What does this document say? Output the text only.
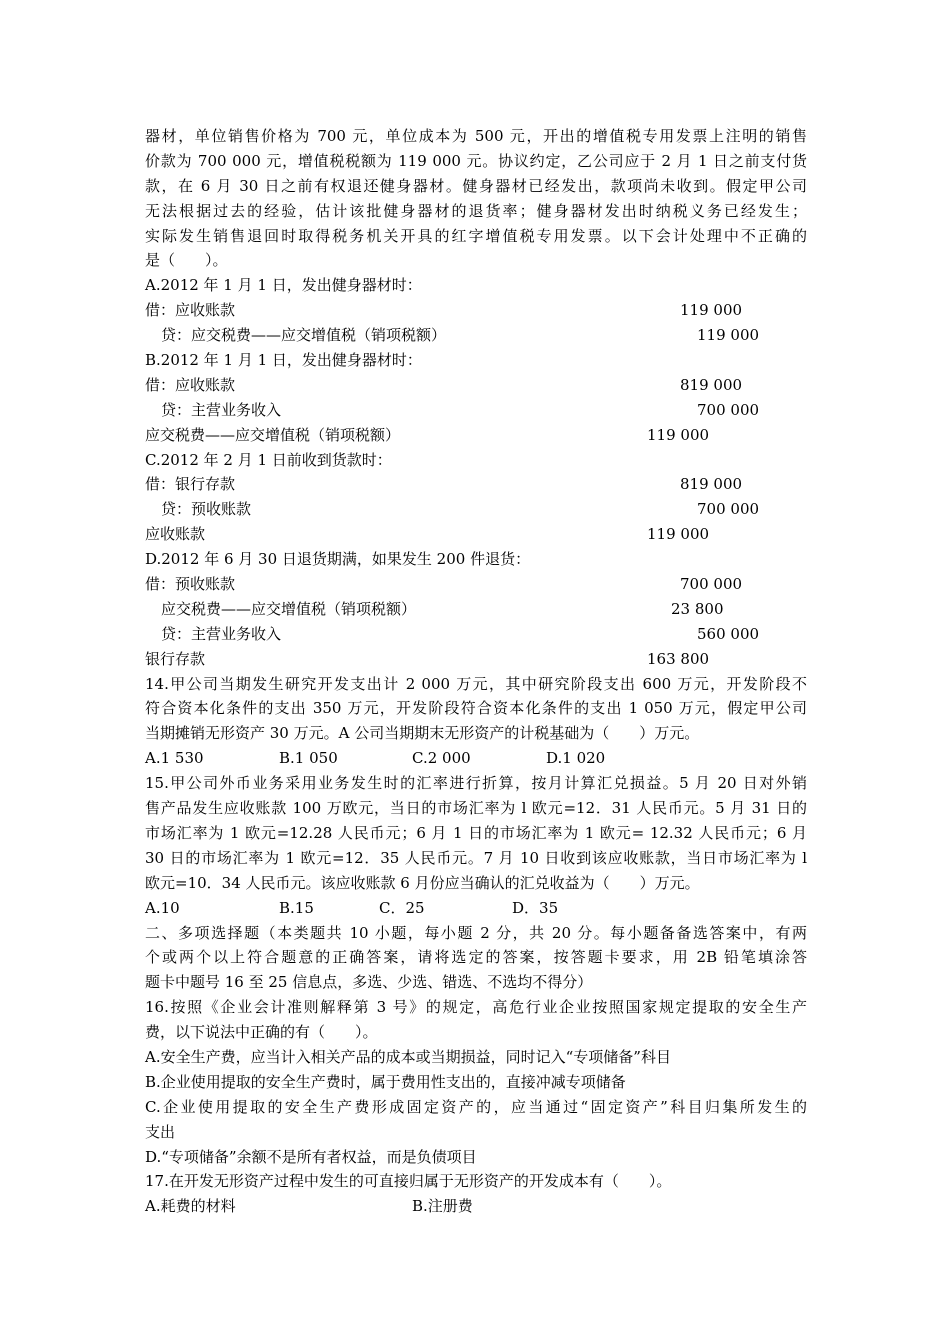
器材，单位销售价格为 700 元，单位成本为 500 元，开出的增值税专用发票上注明的销售
价款为 700 000 元，增值税税额为 119 000 元。协议约定，乙公司应于 2 月 1 日之前支付货
款，在 6 月 30 日之前有权退还健身器材。健身器材已经发出，款项尚未收到。假定甲公司
无法根据过去的经验，估计该批健身器材的退货率；健身器材发出时纳税义务已经发生；
实际发生销售退回时取得税务机关开具的红字增值税专用发票。以下会计处理中不正确的
是（　　）。
A.2012 年 1 月 1 日，发出健身器材时：
借：应收账款	119 000
贷：应交税费——应交增值税（销项税额）	119 000
B.2012 年 1 月 1 日，发出健身器材时：
借：应收账款	819 000
贷：主营业务收入	700 000
应交税费——应交增值税（销项税额）	119 000
C.2012 年 2 月 1 日前收到货款时：
借：银行存款	819 000
贷：预收账款	700 000
应收账款	119 000
D.2012 年 6 月 30 日退货期满，如果发生 200 件退货：
借：预收账款	700 000
应交税费——应交增值税（销项税额）	23 800
贷：主营业务收入	560 000
银行存款	163 800
14.甲公司当期发生研究开发支出计 2 000 万元，其中研究阶段支出 600 万元，开发阶段不
符合资本化条件的支出 350 万元，开发阶段符合资本化条件的支出 1 050 万元，假定甲公司
当期摊销无形资产 30 万元。A 公司当期期末无形资产的计税基础为（　　）万元。
A.1 530	B.1 050	C.2 000	D.1 020
15.甲公司外币业务采用业务发生时的汇率进行折算，按月计算汇兑损益。5 月 20 日对外销
售产品发生应收账款 100 万欧元，当日的市场汇率为 l 欧元=12．31 人民币元。5 月 31 日的
市场汇率为 1 欧元=12.28 人民币元；6 月 1 日的市场汇率为 1 欧元= 12.32 人民币元；6 月
30 日的市场汇率为 1 欧元=12．35 人民币元。7 月 10 日收到该应收账款，当日市场汇率为 l
欧元=10．34 人民币元。该应收账款 6 月份应当确认的汇兑收益为（　　）万元。
A.10	B.15	C．25	D．35
二、多项选择题（本类题共 10 小题，每小题 2 分，共 20 分。每小题备备选答案中，有两
个或两个以上符合题意的正确答案，请将选定的答案，按答题卡要求，用 2B 铅笔填涂答
题卡中题号 16 至 25 信息点，多选、少选、错选、不选均不得分）
16.按照《企业会计准则解释第 3 号》的规定，高危行业企业按照国家规定提取的安全生产
费，以下说法中正确的有（　　）。
A.安全生产费，应当计入相关产品的成本或当期损益，同时记入“专项储备”科目
B.企业使用提取的安全生产费时，属于费用性支出的，直接冲减专项储备
C.企业使用提取的安全生产费形成固定资产的，应当通过“固定资产”科目归集所发生的
支出
D.“专项储备”余额不是所有者权益，而是负债项目
17.在开发无形资产过程中发生的可直接归属于无形资产的开发成本有（　　）。
A.耗费的材料	B.注册费
